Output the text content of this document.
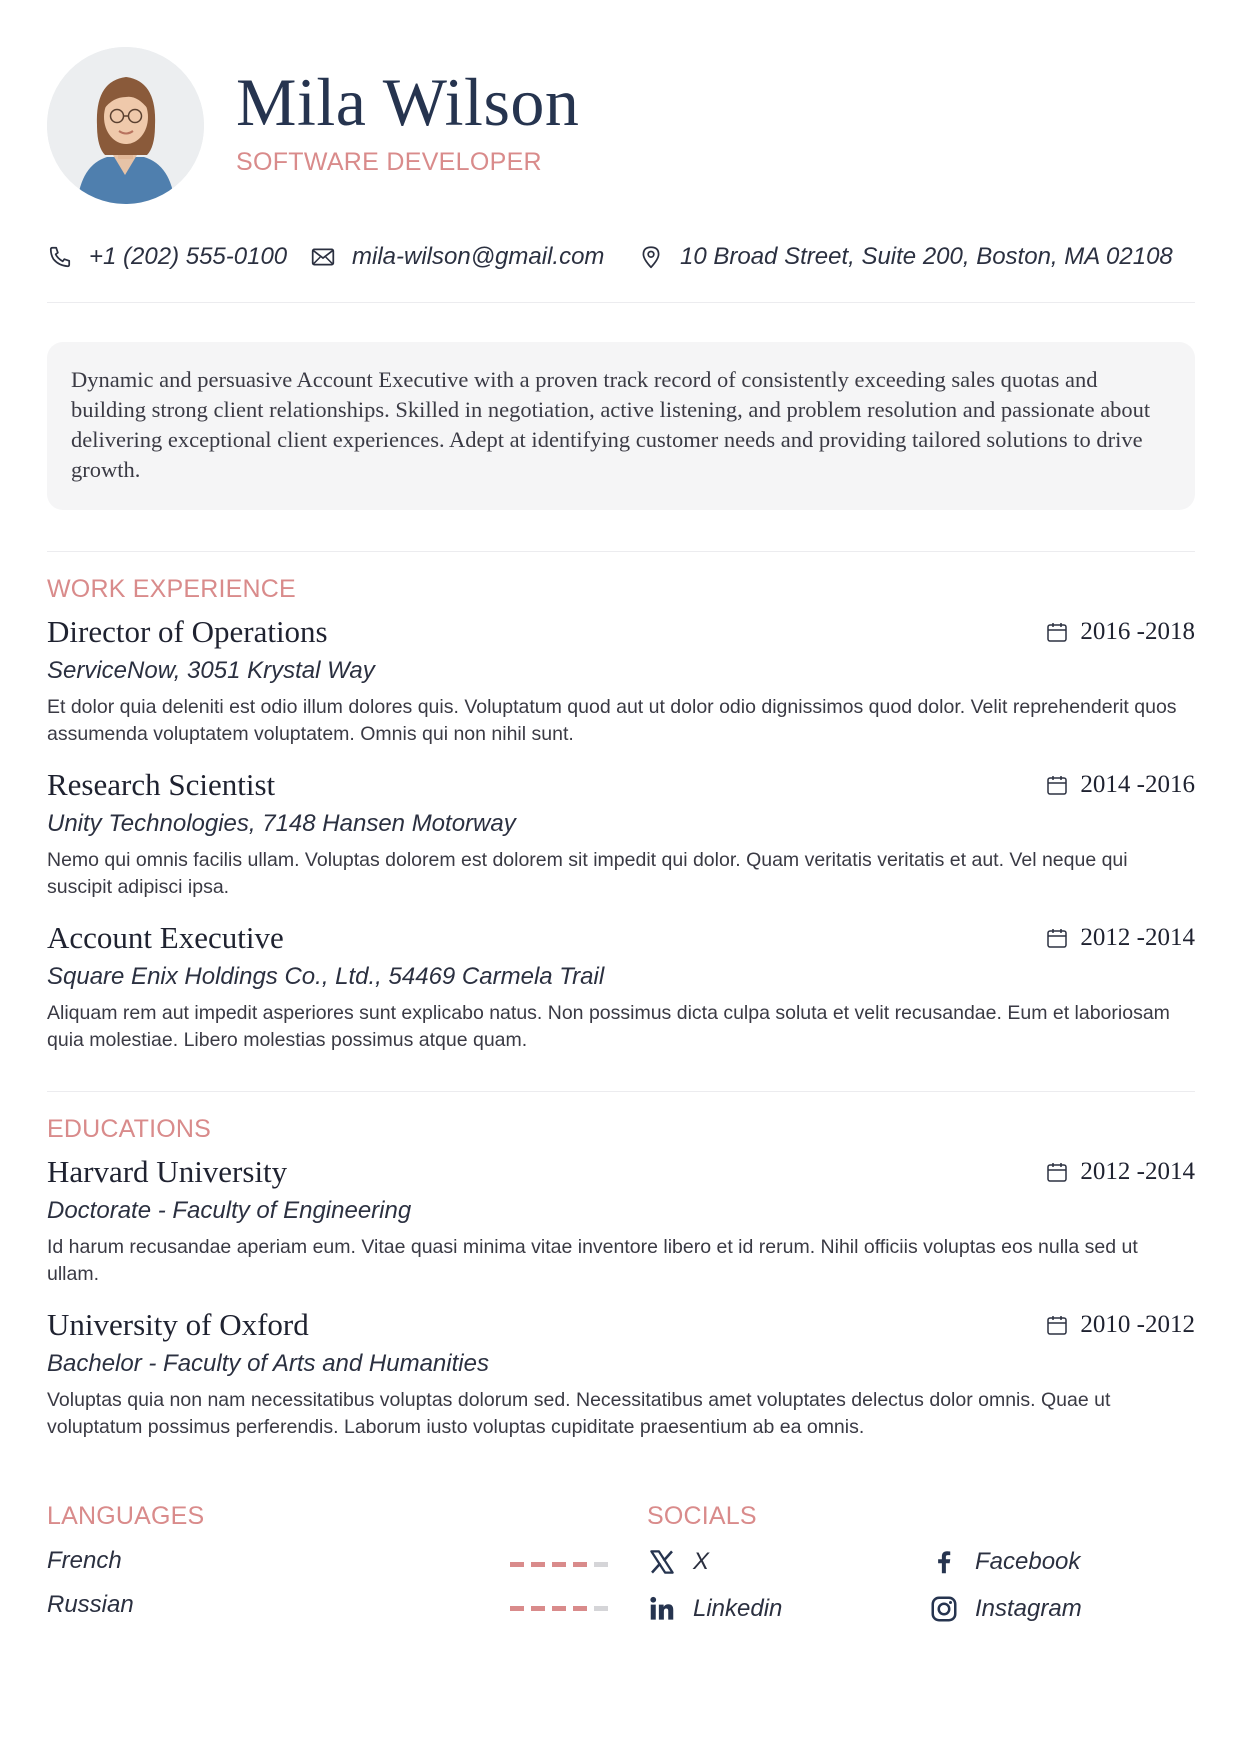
Mila Wilson
SOFTWARE DEVELOPER
+1 (202) 555-0100	mila-wilson@gmail.com	10 Broad Street, Suite 200, Boston, MA 02108

Dynamic and persuasive Account Executive with a proven track record of consistently exceeding sales quotas and building strong client relationships. Skilled in negotiation, active listening, and problem resolution and passionate about delivering exceptional client experiences. Adept at identifying customer needs and providing tailored solutions to drive growth.

WORK EXPERIENCE
Director of Operations	2016 -2018
ServiceNow, 3051 Krystal Way

Et dolor quia deleniti est odio illum dolores quis. Voluptatum quod aut ut dolor odio dignissimos quod dolor. Velit reprehenderit quos assumenda voluptatem voluptatem. Omnis qui non nihil sunt.

Research Scientist	2014 -2016
Unity Technologies, 7148 Hansen Motorway

Nemo qui omnis facilis ullam. Voluptas dolorem est dolorem sit impedit qui dolor. Quam veritatis veritatis et aut. Vel neque qui suscipit adipisci ipsa.

Account Executive	2012 -2014
Square Enix Holdings Co., Ltd., 54469 Carmela Trail

Aliquam rem aut impedit asperiores sunt explicabo natus. Non possimus dicta culpa soluta et velit recusandae. Eum et laboriosam quia molestiae. Libero molestias possimus atque quam.

EDUCATIONS
Harvard University	2012 -2014
Doctorate - Faculty of Engineering

Id harum recusandae aperiam eum. Vitae quasi minima vitae inventore libero et id rerum. Nihil officiis voluptas eos nulla sed ut ullam.

University of Oxford	2010 -2012
Bachelor - Faculty of Arts and Humanities

Voluptas quia non nam necessitatibus voluptas dolorum sed. Necessitatibus amet voluptates delectus dolor omnis. Quae ut voluptatum possimus perferendis. Laborum iusto voluptas cupiditate praesentium ab ea omnis.

LANGUAGES
French
Russian
SOCIALS
X	Facebook
Linkedin	Instagram
